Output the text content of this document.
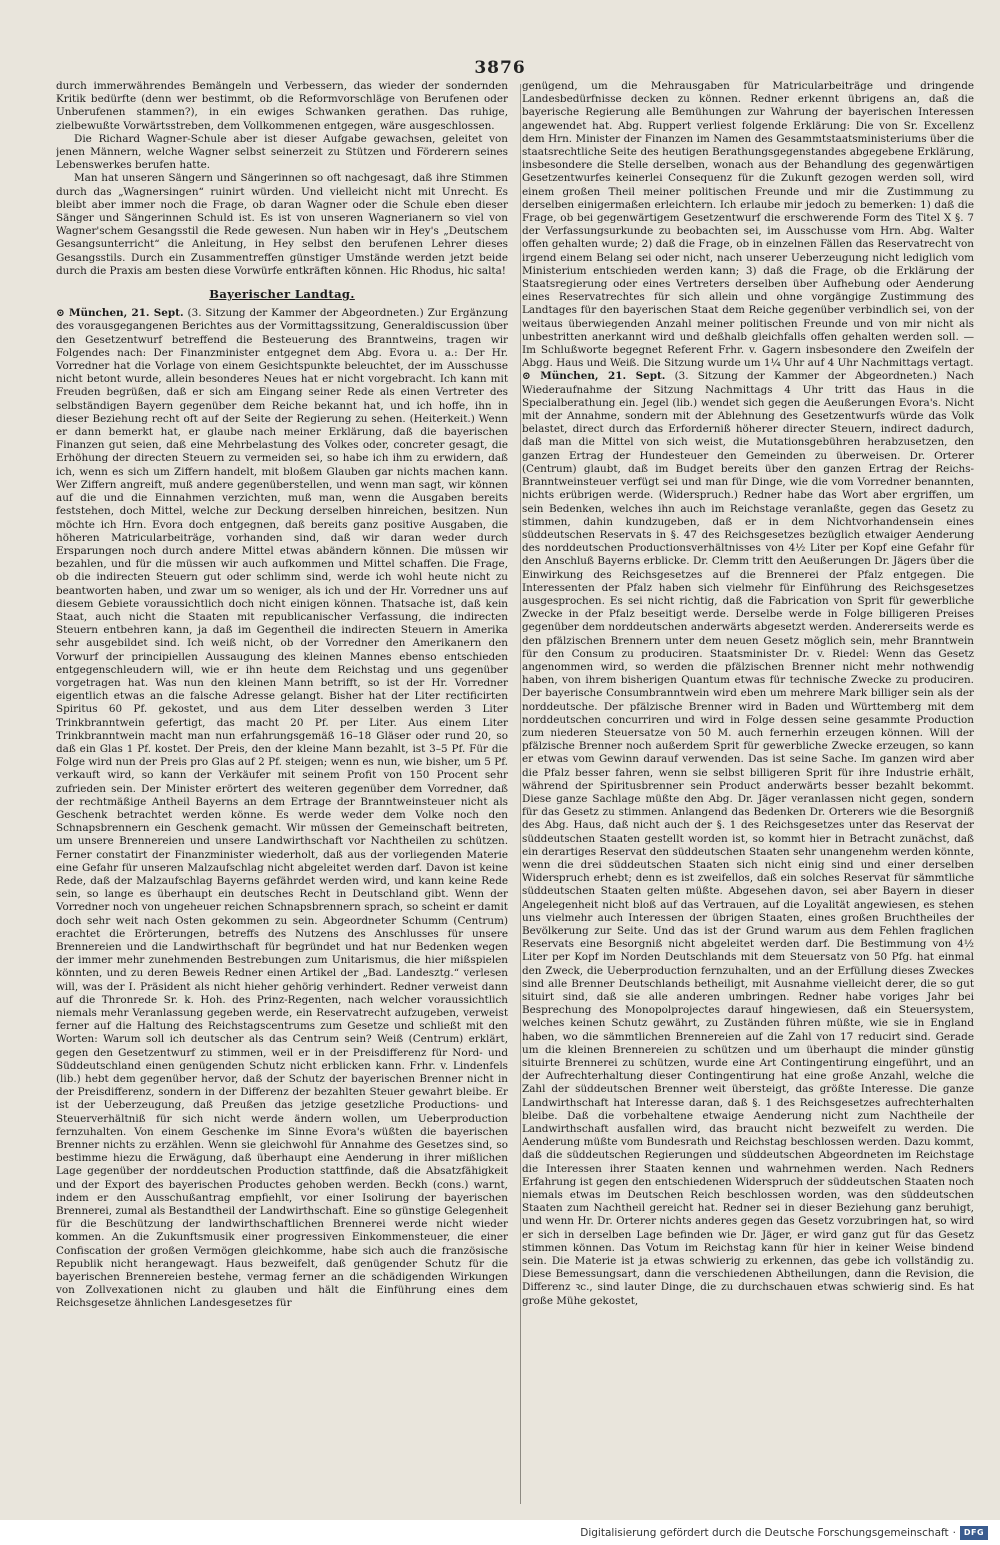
3876

durch immerwährendes Bemängeln und Verbessern, das wieder der sondernden Kritik bedürfte (denn wer bestimmt, ob die Reformvorschläge von Berufenen oder Unberufenen stammen?), in ein ewiges Schwanken gerathen. Das ruhige, zielbewußte Vorwärtsstreben, dem Vollkommenen entgegen, wäre ausgeschlossen.

Die Richard Wagner-Schule aber ist dieser Aufgabe gewachsen, geleitet von jenen Männern, welche Wagner selbst seinerzeit zu Stützen und Förderern seines Lebenswerkes berufen hatte.

Man hat unseren Sängern und Sängerinnen so oft nachgesagt, daß ihre Stimmen durch das „Wagnersingen“ ruinirt würden. Und vielleicht nicht mit Unrecht. Es bleibt aber immer noch die Frage, ob daran Wagner oder die Schule eben dieser Sänger und Sängerinnen Schuld ist. Es ist von unseren Wagnerianern so viel von Wagner'schem Gesangsstil die Rede gewesen. Nun haben wir in Hey's „Deutschem Gesangsunterricht“ die Anleitung, in Hey selbst den berufenen Lehrer dieses Gesangsstils. Durch ein Zusammentreffen günstiger Umstände werden jetzt beide durch die Praxis am besten diese Vorwürfe entkräften können. Hic Rhodus, hic salta!

Bayerischer Landtag.

⊙ München, 21. Sept. (3. Sitzung der Kammer der Abgeordneten.) Zur Ergänzung des vorausgegangenen Berichtes aus der Vormittagssitzung, Generaldiscussion über den Gesetzentwurf betreffend die Besteuerung des Branntweins, tragen wir Folgendes nach: Der Finanzminister entgegnet dem Abg. Evora u. a.: Der Hr. Vorredner hat die Vorlage von einem Gesichtspunkte beleuchtet, der im Ausschusse nicht betont wurde, allein besonderes Neues hat er nicht vorgebracht. Ich kann mit Freuden begrüßen, daß er sich am Eingang seiner Rede als einen Vertreter des selbständigen Bayern gegenüber dem Reiche bekannt hat, und ich hoffe, ihn in dieser Beziehung recht oft auf der Seite der Regierung zu sehen. (Heiterkeit.) Wenn er dann bemerkt hat, er glaube nach meiner Erklärung, daß die bayerischen Finanzen gut seien, daß eine Mehrbelastung des Volkes oder, concreter gesagt, die Erhöhung der directen Steuern zu vermeiden sei, so habe ich ihm zu erwidern, daß ich, wenn es sich um Ziffern handelt, mit bloßem Glauben gar nichts machen kann. Wer Ziffern angreift, muß andere gegenüberstellen, und wenn man sagt, wir können auf die und die Einnahmen verzichten, muß man, wenn die Ausgaben bereits feststehen, doch Mittel, welche zur Deckung derselben hinreichen, besitzen. Nun möchte ich Hrn. Evora doch entgegnen, daß bereits ganz positive Ausgaben, die höheren Matricularbeiträge, vorhanden sind, daß wir daran weder durch Ersparungen noch durch andere Mittel etwas abändern können. Die müssen wir bezahlen, und für die müssen wir auch aufkommen und Mittel schaffen. Die Frage, ob die indirecten Steuern gut oder schlimm sind, werde ich wohl heute nicht zu beantworten haben, und zwar um so weniger, als ich und der Hr. Vorredner uns auf diesem Gebiete voraussichtlich doch nicht einigen können. Thatsache ist, daß kein Staat, auch nicht die Staaten mit republicanischer Verfassung, die indirecten Steuern entbehren kann, ja daß im Gegentheil die indirecten Steuern in Amerika sehr ausgebildet sind. Ich weiß nicht, ob der Vorredner den Amerikanern den Vorwurf der principiellen Aussaugung des kleinen Mannes ebenso entschieden entgegenschleudern will, wie er ihn heute dem Reichstag und uns gegenüber vorgetragen hat. Was nun den kleinen Mann betrifft, so ist der Hr. Vorredner eigentlich etwas an die falsche Adresse gelangt. Bisher hat der Liter rectificirten Spiritus 60 Pf. gekostet, und aus dem Liter desselben werden 3 Liter Trinkbranntwein gefertigt, das macht 20 Pf. per Liter. Aus einem Liter Trinkbranntwein macht man nun erfahrungsgemäß 16–18 Gläser oder rund 20, so daß ein Glas 1 Pf. kostet. Der Preis, den der kleine Mann bezahlt, ist 3–5 Pf. Für die Folge wird nun der Preis pro Glas auf 2 Pf. steigen; wenn es nun, wie bisher, um 5 Pf. verkauft wird, so kann der Verkäufer mit seinem Profit von 150 Procent sehr zufrieden sein. Der Minister erörtert des weiteren gegenüber dem Vorredner, daß der rechtmäßige Antheil Bayerns an dem Ertrage der Branntweinsteuer nicht als Geschenk betrachtet werden könne. Es werde weder dem Volke noch den Schnapsbrennern ein Geschenk gemacht. Wir müssen der Gemeinschaft beitreten, um unsere Brennereien und unsere Landwirthschaft vor Nachtheilen zu schützen. Ferner constatirt der Finanzminister wiederholt, daß aus der vorliegenden Materie eine Gefahr für unseren Malzaufschlag nicht abgeleitet werden darf. Davon ist keine Rede, daß der Malzaufschlag Bayerns gefährdet werden wird, und kann keine Rede sein, so lange es überhaupt ein deutsches Recht in Deutschland gibt. Wenn der Vorredner noch von ungeheuer reichen Schnapsbrennern sprach, so scheint er damit doch sehr weit nach Osten gekommen zu sein. Abgeordneter Schumm (Centrum) erachtet die Erörterungen, betreffs des Nutzens des Anschlusses für unsere Brennereien und die Landwirthschaft für begründet und hat nur Bedenken wegen der immer mehr zunehmenden Bestrebungen zum Unitarismus, die hier mißspielen könnten, und zu deren Beweis Redner einen Artikel der „Bad. Landesztg.“ verlesen will, was der I. Präsident als nicht hieher gehörig verhindert. Redner verweist dann auf die Thronrede Sr. k. Hoh. des Prinz-Regenten, nach welcher voraussichtlich niemals mehr Veranlassung gegeben werde, ein Reservatrecht aufzugeben, verweist ferner auf die Haltung des Reichstagscentrums zum Gesetze und schließt mit den Worten: Warum soll ich deutscher als das Centrum sein? Weiß (Centrum) erklärt, gegen den Gesetzentwurf zu stimmen, weil er in der Preisdifferenz für Nord- und Süddeutschland einen genügenden Schutz nicht erblicken kann. Frhr. v. Lindenfels (lib.) hebt dem gegenüber hervor, daß der Schutz der bayerischen Brenner nicht in der Preisdifferenz, sondern in der Differenz der bezahlten Steuer gewahrt bleibe. Er ist der Ueberzeugung, daß Preußen das jetzige gesetzliche Productions- und Steuerverhältniß für sich nicht werde ändern wollen, um Ueberproduction fernzuhalten. Von einem Geschenke im Sinne Evora's wüßten die bayerischen Brenner nichts zu erzählen. Wenn sie gleichwohl für Annahme des Gesetzes sind, so bestimme hiezu die Erwägung, daß überhaupt eine Aenderung in ihrer mißlichen Lage gegenüber der norddeutschen Production stattfinde, daß die Absatzfähigkeit und der Export des bayerischen Productes gehoben werden. Beckh (cons.) warnt, indem er den Ausschußantrag empfiehlt, vor einer Isolirung der bayerischen Brennerei, zumal als Bestandtheil der Landwirthschaft. Eine so günstige Gelegenheit für die Beschützung der landwirthschaftlichen Brennerei werde nicht wieder kommen. An die Zukunftsmusik einer progressiven Einkommensteuer, die einer Confiscation der großen Vermögen gleichkomme, habe sich auch die französische Republik nicht herangewagt. Haus bezweifelt, daß genügender Schutz für die bayerischen Brennereien bestehe, vermag ferner an die schädigenden Wirkungen von Zollvexationen nicht zu glauben und hält die Einführung eines dem Reichsgesetze ähnlichen Landesgesetzes für

genügend, um die Mehrausgaben für Matricularbeiträge und dringende Landesbedürfnisse decken zu können. Redner erkennt übrigens an, daß die bayerische Regierung alle Bemühungen zur Wahrung der bayerischen Interessen angewendet hat. Abg. Ruppert verliest folgende Erklärung: Die von Sr. Excellenz dem Hrn. Minister der Finanzen im Namen des Gesammtstaatsministeriums über die staatsrechtliche Seite des heutigen Berathungsgegenstandes abgegebene Erklärung, insbesondere die Stelle derselben, wonach aus der Behandlung des gegenwärtigen Gesetzentwurfes keinerlei Consequenz für die Zukunft gezogen werden soll, wird einem großen Theil meiner politischen Freunde und mir die Zustimmung zu derselben einigermaßen erleichtern. Ich erlaube mir jedoch zu bemerken: 1) daß die Frage, ob bei gegenwärtigem Gesetzentwurf die erschwerende Form des Titel X §. 7 der Verfassungsurkunde zu beobachten sei, im Ausschusse vom Hrn. Abg. Walter offen gehalten wurde; 2) daß die Frage, ob in einzelnen Fällen das Reservatrecht von irgend einem Belang sei oder nicht, nach unserer Ueberzeugung nicht lediglich vom Ministerium entschieden werden kann; 3) daß die Frage, ob die Erklärung der Staatsregierung oder eines Vertreters derselben über Aufhebung oder Aenderung eines Reservatrechtes für sich allein und ohne vorgängige Zustimmung des Landtages für den bayerischen Staat dem Reiche gegenüber verbindlich sei, von der weitaus überwiegenden Anzahl meiner politischen Freunde und von mir nicht als unbestritten anerkannt wird und deßhalb gleichfalls offen gehalten werden soll. — Im Schlußworte begegnet Referent Frhr. v. Gagern insbesondere den Zweifeln der Abgg. Haus und Weiß. Die Sitzung wurde um 1¼ Uhr auf 4 Uhr Nachmittags vertagt.

⊙ München, 21. Sept. (3. Sitzung der Kammer der Abgeordneten.) Nach Wiederaufnahme der Sitzung Nachmittags 4 Uhr tritt das Haus in die Specialberathung ein. Jegel (lib.) wendet sich gegen die Aeußerungen Evora's. Nicht mit der Annahme, sondern mit der Ablehnung des Gesetzentwurfs würde das Volk belastet, direct durch das Erforderniß höherer directer Steuern, indirect dadurch, daß man die Mittel von sich weist, die Mutationsgebühren herabzusetzen, den ganzen Ertrag der Hundesteuer den Gemeinden zu überweisen. Dr. Orterer (Centrum) glaubt, daß im Budget bereits über den ganzen Ertrag der Reichs-Branntweinsteuer verfügt sei und man für Dinge, wie die vom Vorredner benannten, nichts erübrigen werde. (Widerspruch.) Redner habe das Wort aber ergriffen, um sein Bedenken, welches ihn auch im Reichstage veranlaßte, gegen das Gesetz zu stimmen, dahin kundzugeben, daß er in dem Nichtvorhandensein eines süddeutschen Reservats in §. 47 des Reichsgesetzes bezüglich etwaiger Aenderung des norddeutschen Productionsverhältnisses von 4½ Liter per Kopf eine Gefahr für den Anschluß Bayerns erblicke. Dr. Clemm tritt den Aeußerungen Dr. Jägers über die Einwirkung des Reichsgesetzes auf die Brennerei der Pfalz entgegen. Die Interessenten der Pfalz haben sich vielmehr für Einführung des Reichsgesetzes ausgesprochen. Es sei nicht richtig, daß die Fabrication von Sprit für gewerbliche Zwecke in der Pfalz beseitigt werde. Derselbe werde in Folge billigeren Preises gegenüber dem norddeutschen anderwärts abgesetzt werden. Andererseits werde es den pfälzischen Brennern unter dem neuen Gesetz möglich sein, mehr Branntwein für den Consum zu produciren. Staatsminister Dr. v. Riedel: Wenn das Gesetz angenommen wird, so werden die pfälzischen Brenner nicht mehr nothwendig haben, von ihrem bisherigen Quantum etwas für technische Zwecke zu produciren. Der bayerische Consumbranntwein wird eben um mehrere Mark billiger sein als der norddeutsche. Der pfälzische Brenner wird in Baden und Württemberg mit dem norddeutschen concurriren und wird in Folge dessen seine gesammte Production zum niederen Steuersatze von 50 M. auch fernerhin erzeugen können. Will der pfälzische Brenner noch außerdem Sprit für gewerbliche Zwecke erzeugen, so kann er etwas vom Gewinn darauf verwenden. Das ist seine Sache. Im ganzen wird aber die Pfalz besser fahren, wenn sie selbst billigeren Sprit für ihre Industrie erhält, während der Spiritusbrenner sein Product anderwärts besser bezahlt bekommt. Diese ganze Sachlage müßte den Abg. Dr. Jäger veranlassen nicht gegen, sondern für das Gesetz zu stimmen. Anlangend das Bedenken Dr. Orterers wie die Besorgniß des Abg. Haus, daß nicht auch der §. 1 des Reichsgesetzes unter das Reservat der süddeutschen Staaten gestellt worden ist, so kommt hier in Betracht zunächst, daß ein derartiges Reservat den süddeutschen Staaten sehr unangenehm werden könnte, wenn die drei süddeutschen Staaten sich nicht einig sind und einer derselben Widerspruch erhebt; denn es ist zweifellos, daß ein solches Reservat für sämmtliche süddeutschen Staaten gelten müßte. Abgesehen davon, sei aber Bayern in dieser Angelegenheit nicht bloß auf das Vertrauen, auf die Loyalität angewiesen, es stehen uns vielmehr auch Interessen der übrigen Staaten, eines großen Bruchtheiles der Bevölkerung zur Seite. Und das ist der Grund warum aus dem Fehlen fraglichen Reservats eine Besorgniß nicht abgeleitet werden darf. Die Bestimmung von 4½ Liter per Kopf im Norden Deutschlands mit dem Steuersatz von 50 Pfg. hat einmal den Zweck, die Ueberproduction fernzuhalten, und an der Erfüllung dieses Zweckes sind alle Brenner Deutschlands betheiligt, mit Ausnahme vielleicht derer, die so gut situirt sind, daß sie alle anderen umbringen. Redner habe voriges Jahr bei Besprechung des Monopolprojectes darauf hingewiesen, daß ein Steuersystem, welches keinen Schutz gewährt, zu Zuständen führen müßte, wie sie in England haben, wo die sämmtlichen Brennereien auf die Zahl von 17 reducirt sind. Gerade um die kleinen Brennereien zu schützen und um überhaupt die minder günstig situirte Brennerei zu schützen, wurde eine Art Contingentirung eingeführt, und an der Aufrechterhaltung dieser Contingentirung hat eine große Anzahl, welche die Zahl der süddeutschen Brenner weit übersteigt, das größte Interesse. Die ganze Landwirthschaft hat Interesse daran, daß §. 1 des Reichsgesetzes aufrechterhalten bleibe. Daß die vorbehaltene etwaige Aenderung nicht zum Nachtheile der Landwirthschaft ausfallen wird, das braucht nicht bezweifelt zu werden. Die Aenderung müßte vom Bundesrath und Reichstag beschlossen werden. Dazu kommt, daß die süddeutschen Regierungen und süddeutschen Abgeordneten im Reichstage die Interessen ihrer Staaten kennen und wahrnehmen werden. Nach Redners Erfahrung ist gegen den entschiedenen Widerspruch der süddeutschen Staaten noch niemals etwas im Deutschen Reich beschlossen worden, was den süddeutschen Staaten zum Nachtheil gereicht hat. Redner sei in dieser Beziehung ganz beruhigt, und wenn Hr. Dr. Orterer nichts anderes gegen das Gesetz vorzubringen hat, so wird er sich in derselben Lage befinden wie Dr. Jäger, er wird ganz gut für das Gesetz stimmen können. Das Votum im Reichstag kann für hier in keiner Weise bindend sein. Die Materie ist ja etwas schwierig zu erkennen, das gebe ich vollständig zu. Diese Bemessungsart, dann die verschiedenen Abtheilungen, dann die Revision, die Differenz ꝛc., sind lauter Dinge, die zu durchschauen etwas schwierig sind. Es hat große Mühe gekostet,

Digitalisierung gefördert durch die Deutsche Forschungsgemeinschaft · DFG
